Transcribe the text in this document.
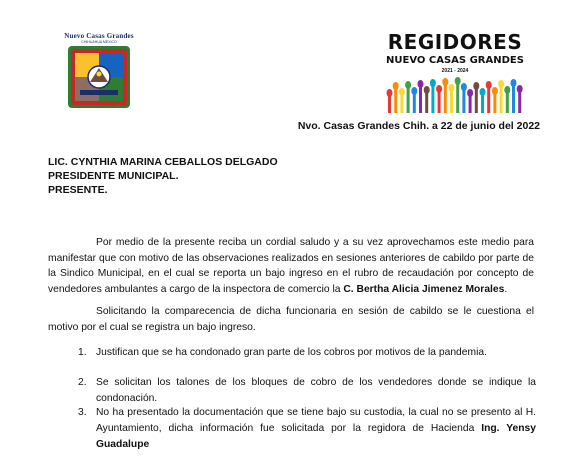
Nuevo Casas Grandes
CHIHUAHUA MEXICO	REGIDORES
NUEVO CASAS GRANDES
2021 - 2024
Nvo. Casas Grandes Chih. a 22 de junio del 2022
LIC. CYNTHIA MARINA CEBALLOS DELGADO
PRESIDENTE MUNICIPAL.
PRESENTE.
Por medio de la presente reciba un cordial saludo y a su vez aprovechamos este medio para manifestar que con motivo de las observaciones realizados en sesiones anteriores de cabildo por parte de la Sindico Municipal, en el cual se reporta un bajo ingreso en el rubro de recaudación por concepto de vendedores ambulantes a cargo de la inspectora de comercio la C. Bertha Alicia Jimenez Morales.
Solicitando la comparecencia de dicha funcionaria en sesión de cabildo se le cuestiona el motivo por el cual se registra un bajo ingreso.
1. Justifican que se ha condonado gran parte de los cobros por motivos de la pandemia.
2. Se solicitan los talones de los bloques de cobro de los vendedores donde se indique la condonación.
3. No ha presentado la documentación que se tiene bajo su custodia, la cual no se presento al H. Ayuntamiento, dicha información fue solicitada por la regidora de Hacienda Ing. Yensy Guadalupe
